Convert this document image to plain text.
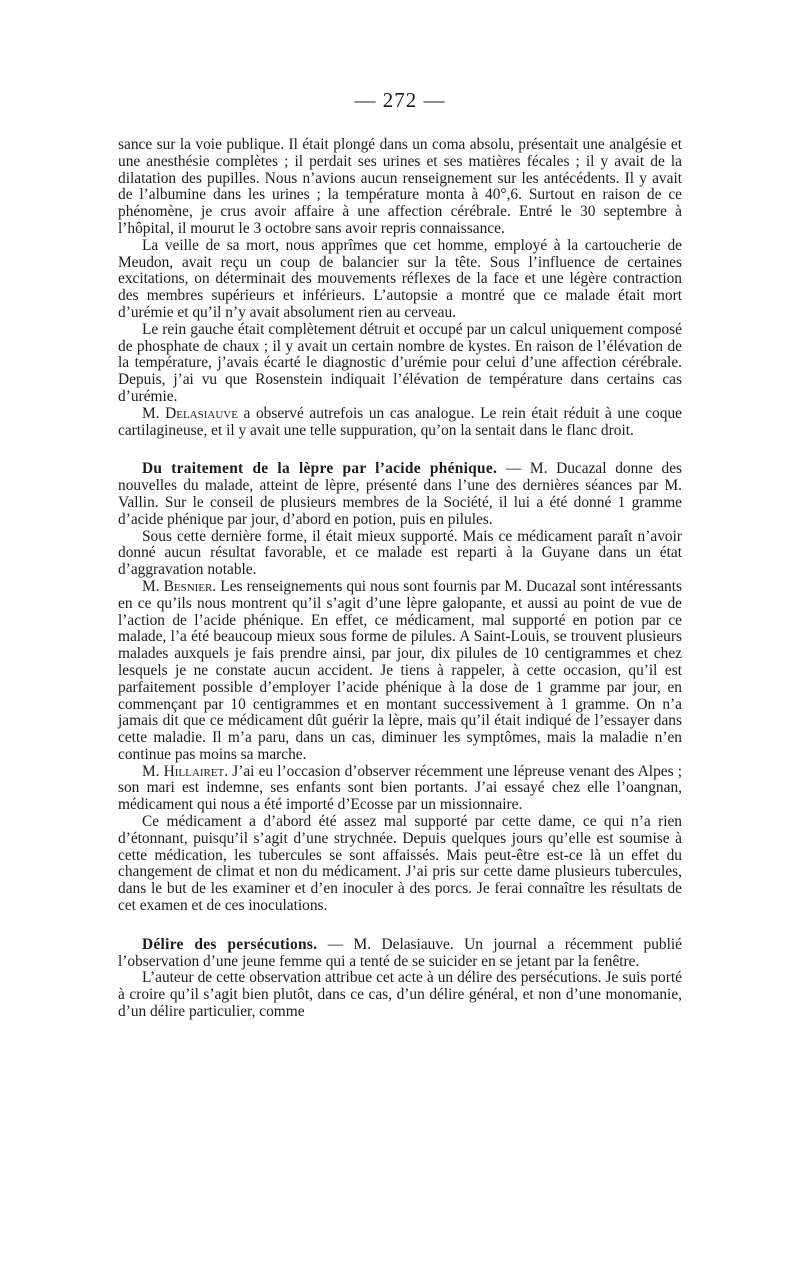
— 272 —

sance sur la voie publique. Il était plongé dans un coma absolu, présentait une analgésie et une anesthésie complètes ; il perdait ses urines et ses matières fécales ; il y avait de la dilatation des pupilles. Nous n’avions aucun renseignement sur les antécédents. Il y avait de l’albumine dans les urines ; la température monta à 40°,6. Surtout en raison de ce phénomène, je crus avoir affaire à une affection cérébrale. Entré le 30 septembre à l’hôpital, il mourut le 3 octobre sans avoir repris connaissance.

La veille de sa mort, nous apprîmes que cet homme, employé à la cartoucherie de Meudon, avait reçu un coup de balancier sur la tête. Sous l’influence de certaines excitations, on déterminait des mouvements réflexes de la face et une légère contraction des membres supérieurs et inférieurs. L’autopsie a montré que ce malade était mort d’urémie et qu’il n’y avait absolument rien au cerveau.

Le rein gauche était complètement détruit et occupé par un calcul uniquement composé de phosphate de chaux ; il y avait un certain nombre de kystes. En raison de l’élévation de la température, j’avais écarté le diagnostic d’urémie pour celui d’une affection cérébrale. Depuis, j’ai vu que Rosenstein indiquait l’élévation de température dans certains cas d’urémie.

M. Delasiauve a observé autrefois un cas analogue. Le rein était réduit à une coque cartilagineuse, et il y avait une telle suppuration, qu’on la sentait dans le flanc droit.

Du traitement de la lèpre par l’acide phénique. — M. Ducazal donne des nouvelles du malade, atteint de lèpre, présenté dans l’une des dernières séances par M. Vallin. Sur le conseil de plusieurs membres de la Société, il lui a été donné 1 gramme d’acide phénique par jour, d’abord en potion, puis en pilules.

Sous cette dernière forme, il était mieux supporté. Mais ce médicament paraît n’avoir donné aucun résultat favorable, et ce malade est reparti à la Guyane dans un état d’aggravation notable.

M. Besnier. Les renseignements qui nous sont fournis par M. Ducazal sont intéressants en ce qu’ils nous montrent qu’il s’agit d’une lèpre galopante, et aussi au point de vue de l’action de l’acide phénique. En effet, ce médicament, mal supporté en potion par ce malade, l’a été beaucoup mieux sous forme de pilules. A Saint-Louis, se trouvent plusieurs malades auxquels je fais prendre ainsi, par jour, dix pilules de 10 centigrammes et chez lesquels je ne constate aucun accident. Je tiens à rappeler, à cette occasion, qu’il est parfaitement possible d’employer l’acide phénique à la dose de 1 gramme par jour, en commençant par 10 centigrammes et en montant successivement à 1 gramme. On n’a jamais dit que ce médicament dût guérir la lèpre, mais qu’il était indiqué de l’essayer dans cette maladie. Il m’a paru, dans un cas, diminuer les symptômes, mais la maladie n’en continue pas moins sa marche.

M. Hillairet. J’ai eu l’occasion d’observer récemment une lépreuse venant des Alpes ; son mari est indemne, ses enfants sont bien portants. J’ai essayé chez elle l’oangnan, médicament qui nous a été importé d’Ecosse par un missionnaire.

Ce médicament a d’abord été assez mal supporté par cette dame, ce qui n’a rien d’étonnant, puisqu’il s’agit d’une strychnée. Depuis quelques jours qu’elle est soumise à cette médication, les tubercules se sont affaissés. Mais peut-être est-ce là un effet du changement de climat et non du médicament. J’ai pris sur cette dame plusieurs tubercules, dans le but de les examiner et d’en inoculer à des porcs. Je ferai connaître les résultats de cet examen et de ces inoculations.

Délire des persécutions. — M. Delasiauve. Un journal a récemment publié l’observation d’une jeune femme qui a tenté de se suicider en se jetant par la fenêtre.

L’auteur de cette observation attribue cet acte à un délire des persécutions. Je suis porté à croire qu’il s’agit bien plutôt, dans ce cas, d’un délire général, et non d’une monomanie, d’un délire particulier, comme
